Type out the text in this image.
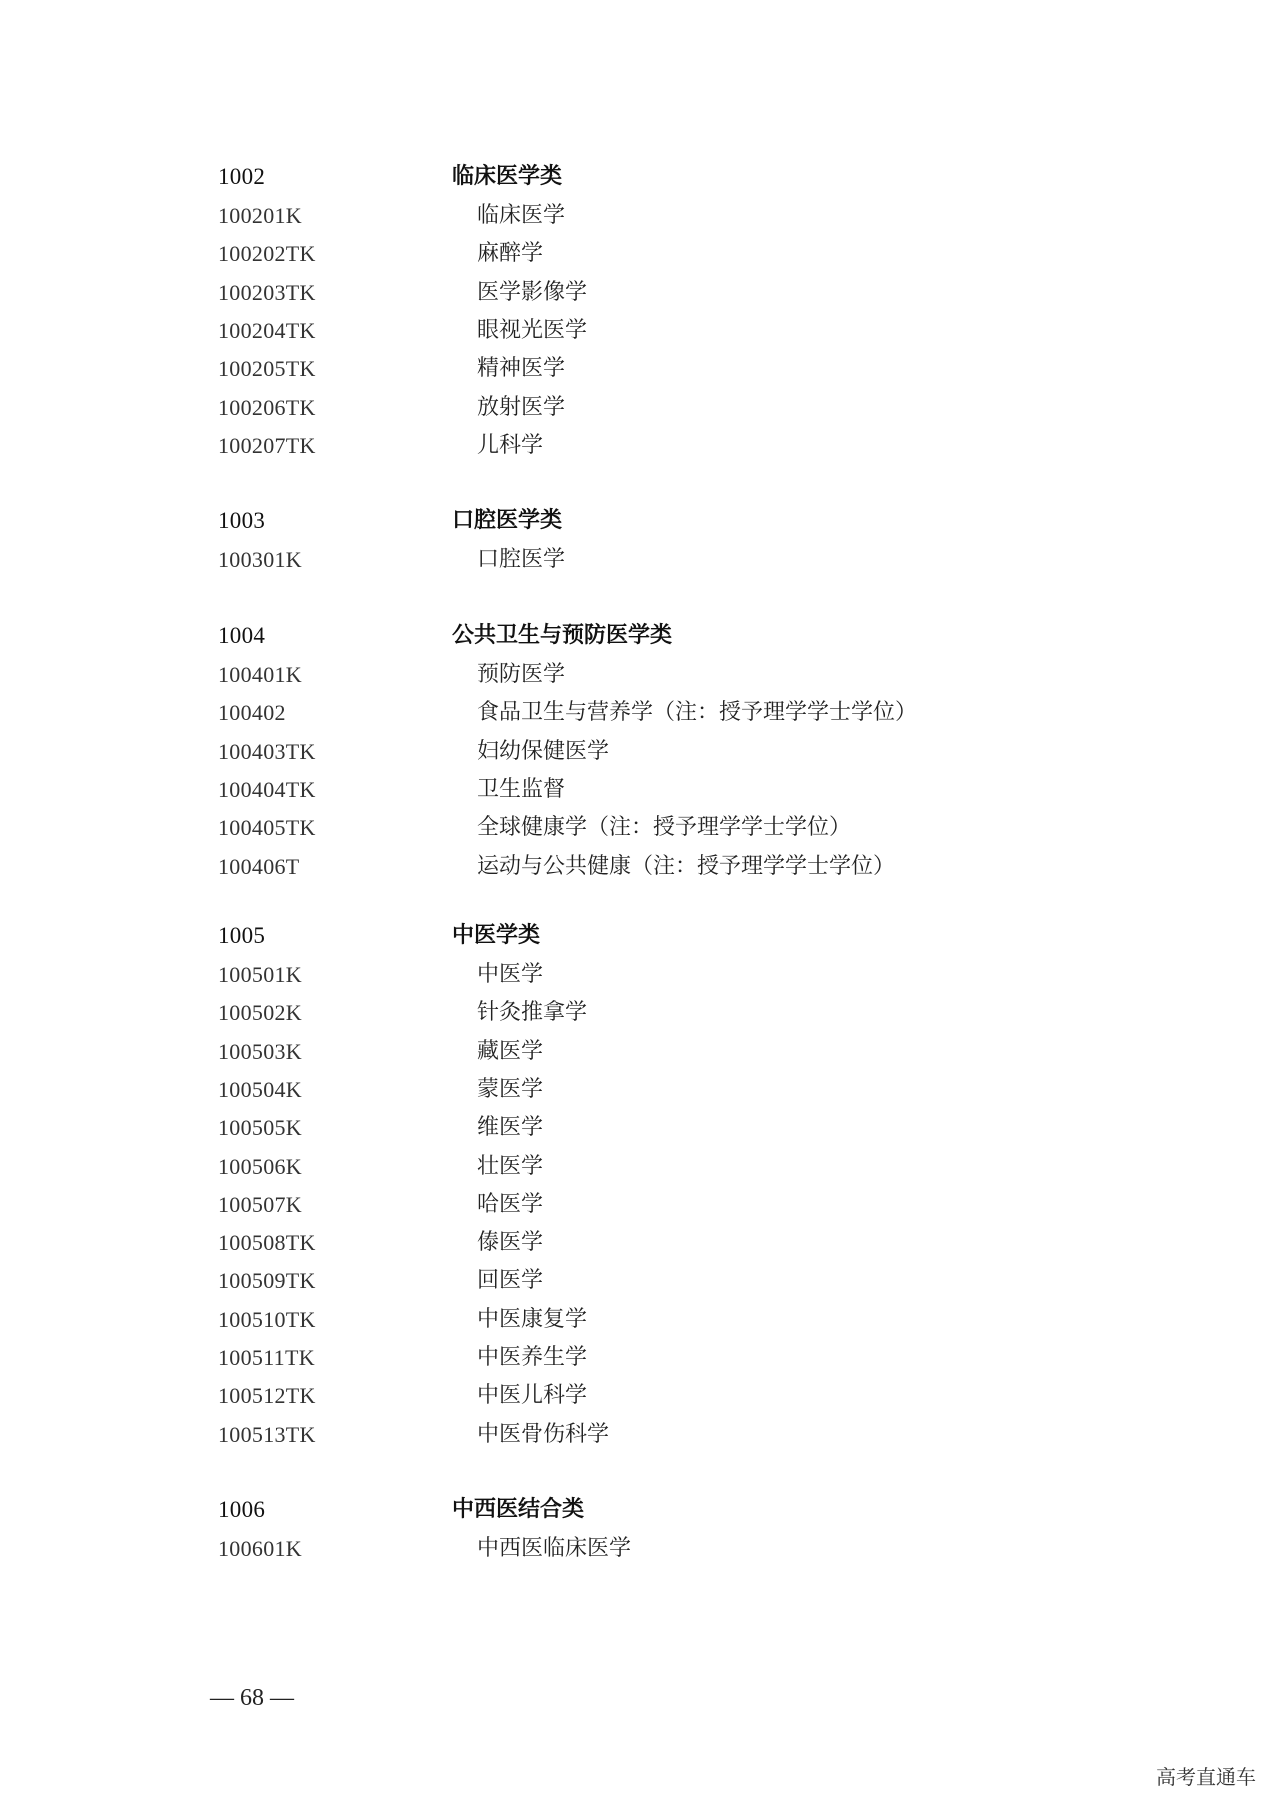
1002	临床医学类
100201K	临床医学
100202TK	麻醉学
100203TK	医学影像学
100204TK	眼视光医学
100205TK	精神医学
100206TK	放射医学
100207TK	儿科学
1003	口腔医学类
100301K	口腔医学
1004	公共卫生与预防医学类
100401K	预防医学
100402	食品卫生与营养学（注：授予理学学士学位）
100403TK	妇幼保健医学
100404TK	卫生监督
100405TK	全球健康学（注：授予理学学士学位）
100406T	运动与公共健康（注：授予理学学士学位）
1005	中医学类
100501K	中医学
100502K	针灸推拿学
100503K	藏医学
100504K	蒙医学
100505K	维医学
100506K	壮医学
100507K	哈医学
100508TK	傣医学
100509TK	回医学
100510TK	中医康复学
100511TK	中医养生学
100512TK	中医儿科学
100513TK	中医骨伤科学
1006	中西医结合类
100601K	中西医临床医学
— 68 —
高考直通车
